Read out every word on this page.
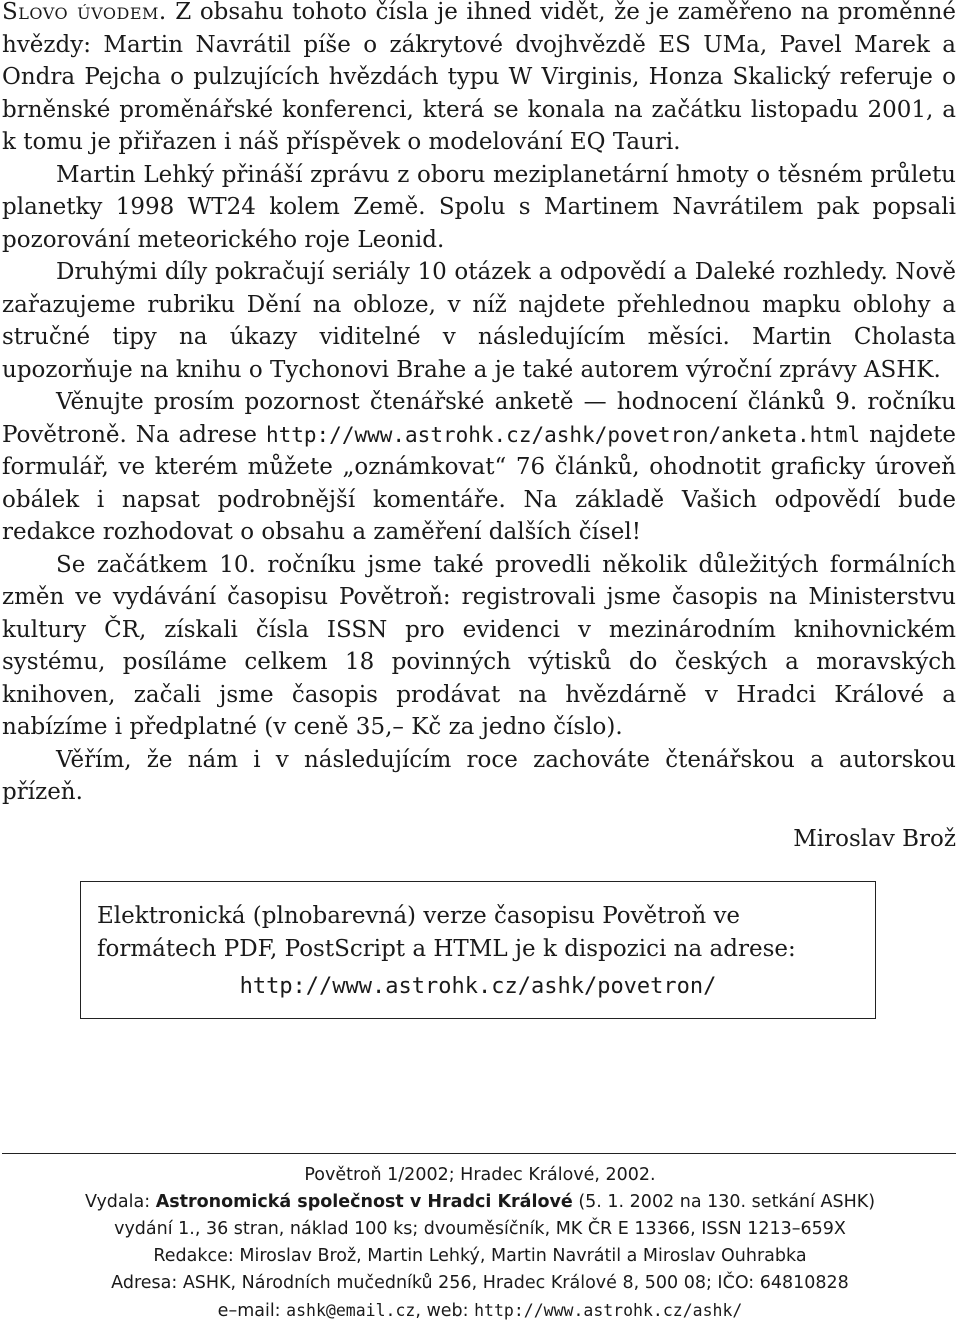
Slovo úvodem. Z obsahu tohoto čísla je ihned vidět, že je zaměřeno na proměnné hvězdy: Martin Navrátil píše o zákrytové dvojhvězdě ES UMa, Pavel Marek a Ondra Pejcha o pulzujících hvězdách typu W Virginis, Honza Skalický referuje o brněnské proměnářské konferenci, která se konala na začátku listopadu 2001, a k tomu je přiřazen i náš příspěvek o modelování EQ Tauri.

Martin Lehký přináší zprávu z oboru meziplanetární hmoty o těsném průletu planetky 1998 WT24 kolem Země. Spolu s Martinem Navrátilem pak popsali pozorování meteorického roje Leonid.

Druhými díly pokračují seriály 10 otázek a odpovědí a Daleké rozhledy. Nově zařazujeme rubriku Dění na obloze, v níž najdete přehlednou mapku oblohy a stručné tipy na úkazy viditelné v následujícím měsíci. Martin Cholasta upozorňuje na knihu o Tychonovi Brahe a je také autorem výroční zprávy ASHK.

Věnujte prosím pozornost čtenářské anketě — hodnocení článků 9. ročníku Povětroně. Na adrese http://www.astrohk.cz/ashk/povetron/anketa.html najdete formulář, ve kterém můžete „oznámkovat“ 76 článků, ohodnotit graficky úroveň obálek i napsat podrobnější komentáře. Na základě Vašich odpovědí bude redakce rozhodovat o obsahu a zaměření dalších čísel!

Se začátkem 10. ročníku jsme také provedli několik důležitých formálních změn ve vydávání časopisu Povětroň: registrovali jsme časopis na Ministerstvu kultury ČR, získali čísla ISSN pro evidenci v mezinárodním knihovnickém systému, posíláme celkem 18 povinných výtisků do českých a moravských knihoven, začali jsme časopis prodávat na hvězdárně v Hradci Králové a nabízíme i předplatné (v ceně 35,– Kč za jedno číslo).

Věřím, že nám i v následujícím roce zachováte čtenářskou a autorskou přízeň.

Miroslav Brož

Elektronická (plnobarevná) verze časopisu Povětroň ve formátech PDF, PostScript a HTML je k dispozici na adrese:

http://www.astrohk.cz/ashk/povetron/
Povětroň 1/2002; Hradec Králové, 2002.
Vydala: Astronomická společnost v Hradci Králové (5. 1. 2002 na 130. setkání ASHK)
vydání 1., 36 stran, náklad 100 ks; dvouměsíčník, MK ČR E 13366, ISSN 1213–659X
Redakce: Miroslav Brož, Martin Lehký, Martin Navrátil a Miroslav Ouhrabka
Adresa: ASHK, Národních mučedníků 256, Hradec Králové 8, 500 08; IČO: 64810828
e–mail: ashk@email.cz, web: http://www.astrohk.cz/ashk/
